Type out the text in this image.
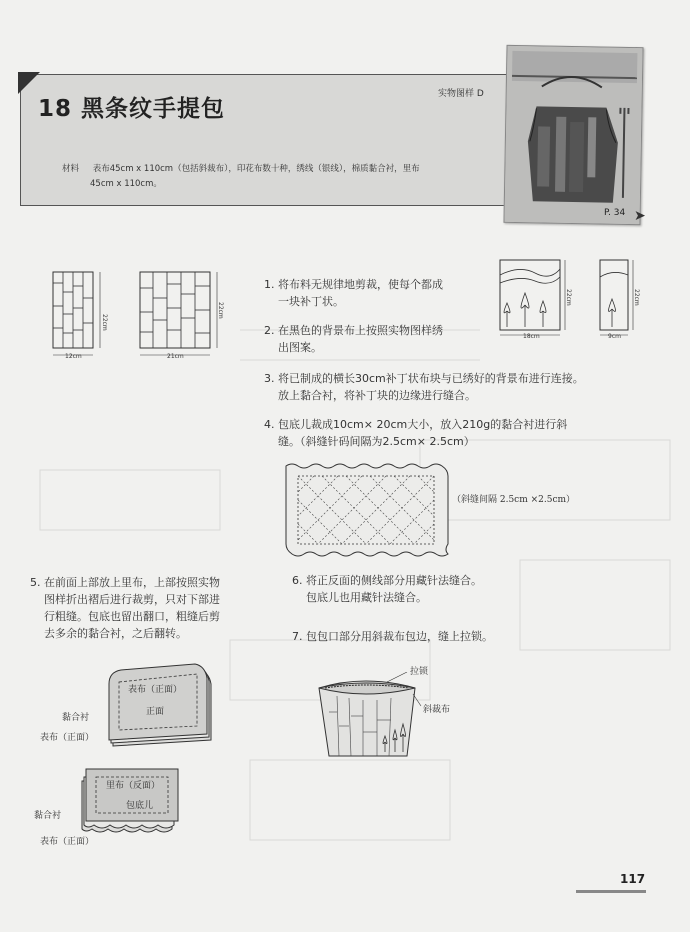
18 黑条纹手提包
实物图样 D
材料 表布45cm x 110cm（包括斜裁布），印花布数十种，绣线（银线），棉质黏合衬，里布
45cm x 110cm。
P. 34 ➤
12cm
22cm
21cm
22cm
1. 将布料无规律地剪裁，使每个都成
一块补丁状。
2. 在黑色的背景布上按照实物图样绣
出图案。
18cm
22cm
9cm
22cm
3. 将已制成的横长30cm补丁状布块与已绣好的背景布进行连接。
放上黏合衬，将补丁块的边缘进行缝合。
4. 包底儿裁成10cm× 20cm大小，放入210g的黏合衬进行斜
缝。（斜缝针码间隔为2.5cm× 2.5cm）
（斜缝间隔 2.5cm ×2.5cm）
5. 在前面上部放上里布，上部按照实物
图样折出褶后进行裁剪，只对下部进
行粗缝。包底也留出翻口，粗缝后剪
去多余的黏合衬，之后翻转。
6. 将正反面的侧线部分用藏针法缝合。
包底儿也用藏针法缝合。
7. 包包口部分用斜裁布包边，缝上拉锁。
表布（正面）
正面
黏合衬
表布（正面）
里布（反面）
包底儿
黏合衬
表布（正面）
拉锁
斜裁布
117
